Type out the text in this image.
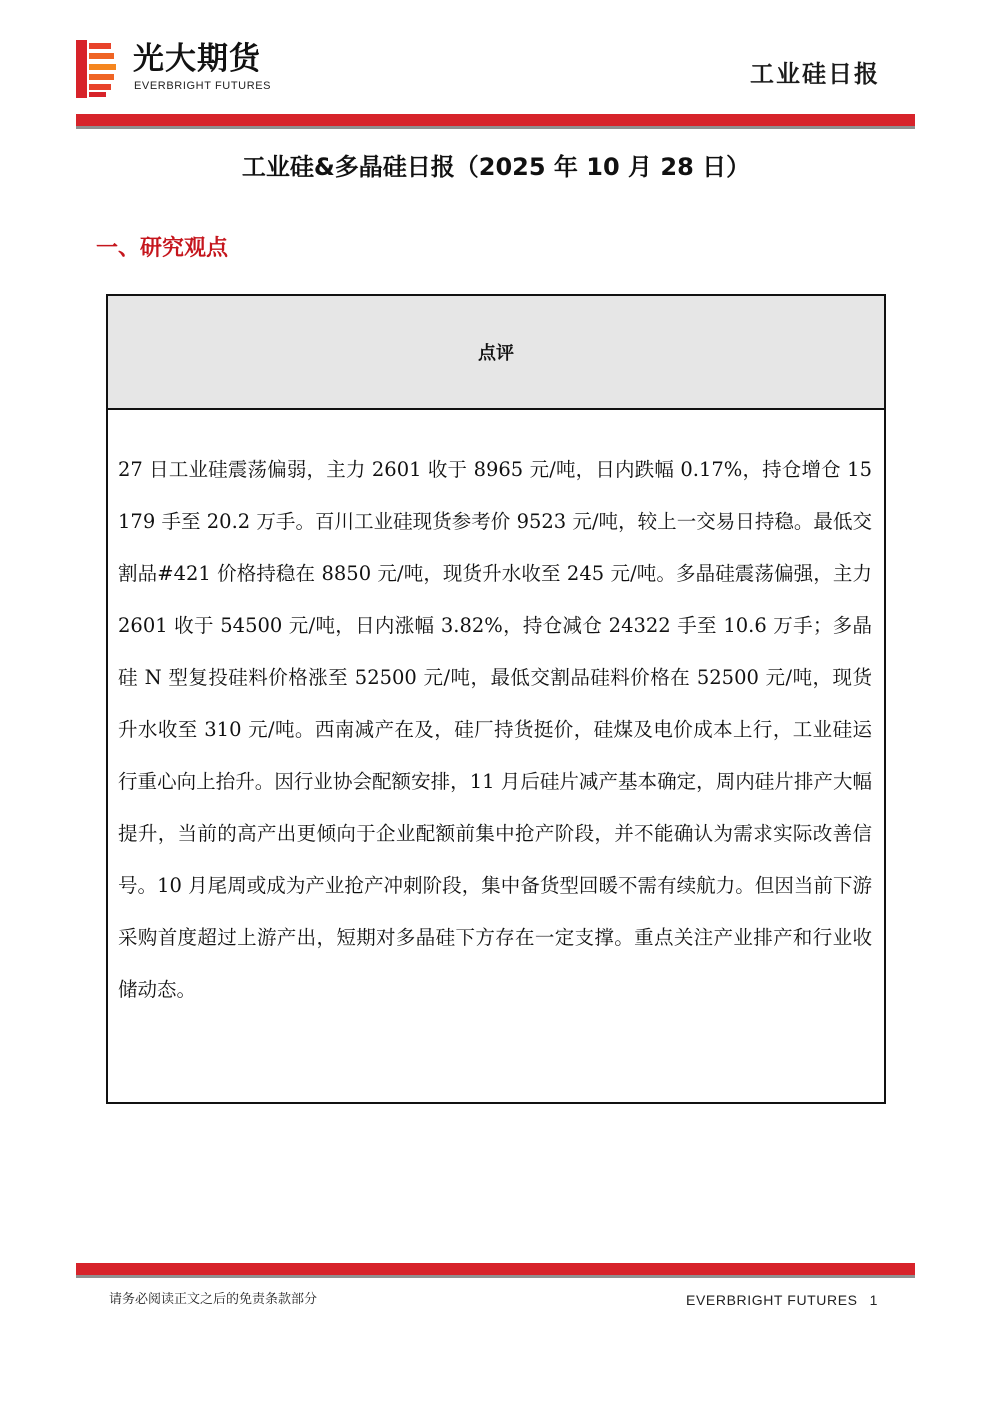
光大期货
EVERBRIGHT FUTURES	工业硅日报
工业硅&多晶硅日报（2025 年 10 月 28 日）
一、研究观点
点评
27 日工业硅震荡偏弱，主力 2601 收于 8965 元/吨，日内跌幅 0.17%，持仓增仓 15179 手至 20.2 万手。百川工业硅现货参考价 9523 元/吨，较上一交易日持稳。最低交割品#421 价格持稳在 8850 元/吨，现货升水收至 245 元/吨。多晶硅震荡偏强，主力 2601 收于 54500 元/吨，日内涨幅 3.82%，持仓减仓 24322 手至 10.6 万手；多晶硅 N 型复投硅料价格涨至 52500 元/吨，最低交割品硅料价格在 52500 元/吨，现货升水收至 310 元/吨。西南减产在及，硅厂持货挺价，硅煤及电价成本上行，工业硅运行重心向上抬升。因行业协会配额安排，11 月后硅片减产基本确定，周内硅片排产大幅提升，当前的高产出更倾向于企业配额前集中抢产阶段，并不能确认为需求实际改善信号。10 月尾周或成为产业抢产冲刺阶段，集中备货型回暖不需有续航力。但因当前下游采购首度超过上游产出，短期对多晶硅下方存在一定支撑。重点关注产业排产和行业收储动态。
请务必阅读正文之后的免责条款部分	EVERBRIGHT FUTURES 1
